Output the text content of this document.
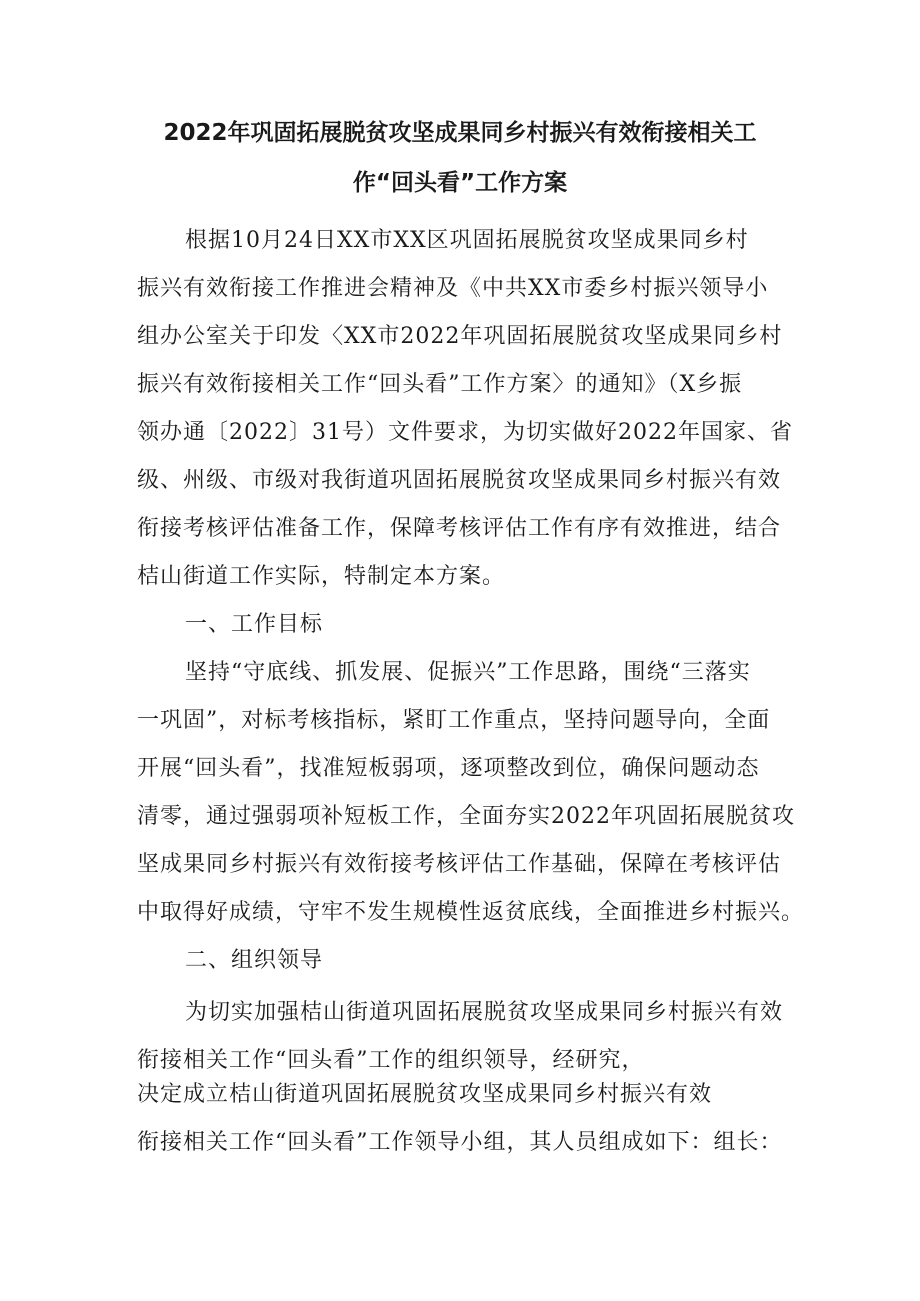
2022年巩固拓展脱贫攻坚成果同乡村振兴有效衔接相关工
作“回头看”工作方案
根据10月24日XX市XX区巩固拓展脱贫攻坚成果同乡村
振兴有效衔接工作推进会精神及《中共XX市委乡村振兴领导小
组办公室关于印发〈XX市2022年巩固拓展脱贫攻坚成果同乡村
振兴有效衔接相关工作“回头看”工作方案〉的通知》（X乡振
领办通〔2022〕31号）文件要求，为切实做好2022年国家、省
级、州级、市级对我街道巩固拓展脱贫攻坚成果同乡村振兴有效
衔接考核评估准备工作，保障考核评估工作有序有效推进，结合
桔山街道工作实际，特制定本方案。
一、工作目标
坚持“守底线、抓发展、促振兴”工作思路，围绕“三落实
一巩固”，对标考核指标，紧盯工作重点，坚持问题导向，全面
开展“回头看”，找准短板弱项，逐项整改到位，确保问题动态
清零，通过强弱项补短板工作，全面夯实2022年巩固拓展脱贫攻
坚成果同乡村振兴有效衔接考核评估工作基础，保障在考核评估
中取得好成绩，守牢不发生规模性返贫底线，全面推进乡村振兴。
二、组织领导
为切实加强桔山街道巩固拓展脱贫攻坚成果同乡村振兴有效
衔接相关工作“回头看”工作的组织领导，经研究，
决定成立桔山街道巩固拓展脱贫攻坚成果同乡村振兴有效
衔接相关工作“回头看”工作领导小组，其人员组成如下：组长：
